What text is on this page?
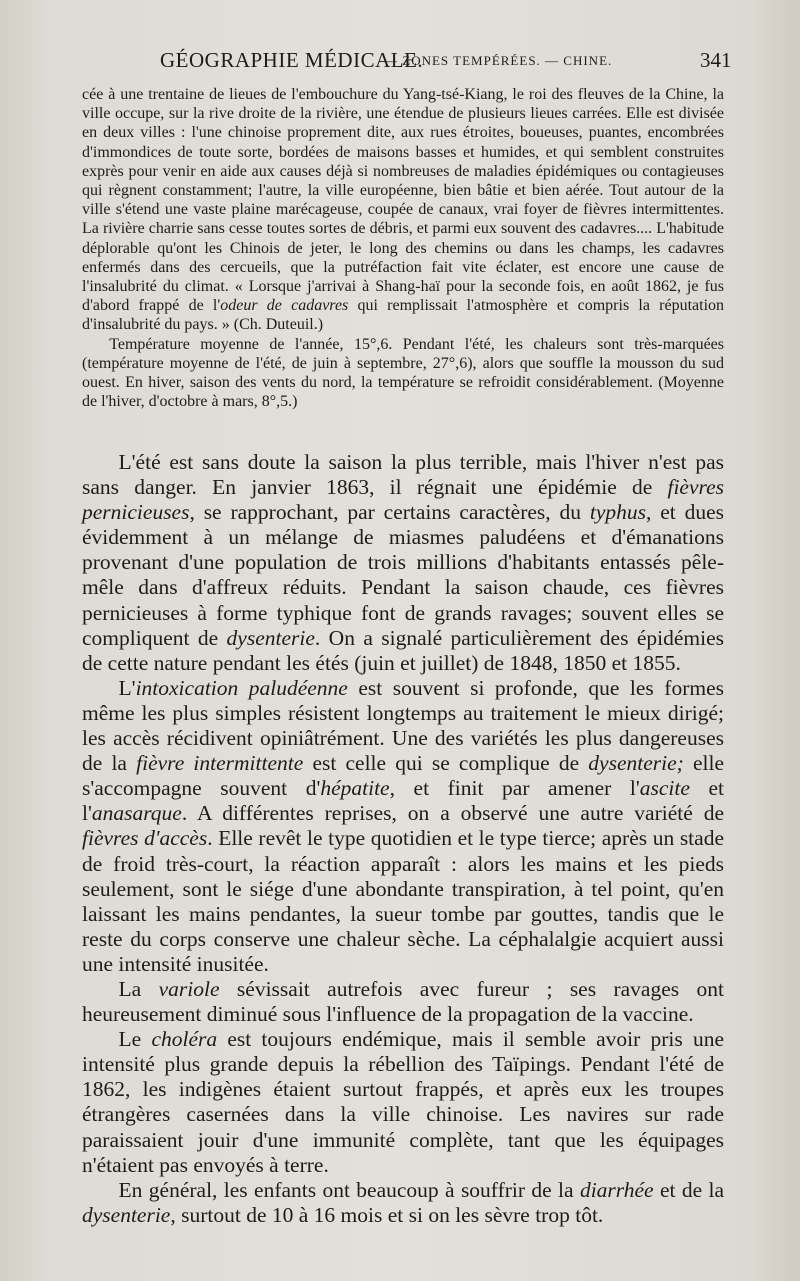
GÉOGRAPHIE MÉDICALE.
— ZONES TEMPÉRÉES. — CHINE.	341

cée à une trentaine de lieues de l'embouchure du Yang-tsé-Kiang, le roi des fleuves de la Chine, la ville occupe, sur la rive droite de la rivière, une étendue de plusieurs lieues carrées. Elle est divisée en deux villes : l'une chinoise proprement dite, aux rues étroites, boueuses, puantes, encombrées d'immondices de toute sorte, bordées de maisons basses et humides, et qui semblent construites exprès pour venir en aide aux causes déjà si nombreuses de maladies épidémiques ou contagieuses qui règnent constamment; l'autre, la ville européenne, bien bâtie et bien aérée. Tout autour de la ville s'étend une vaste plaine marécageuse, coupée de canaux, vrai foyer de fièvres intermittentes. La rivière charrie sans cesse toutes sortes de débris, et parmi eux souvent des cadavres.... L'habitude déplorable qu'ont les Chinois de jeter, le long des chemins ou dans les champs, les cadavres enfermés dans des cercueils, que la putréfaction fait vite éclater, est encore une cause de l'insalubrité du climat. « Lorsque j'arrivai à Shang-haï pour la seconde fois, en août 1862, je fus d'abord frappé de l'odeur de cadavres qui remplissait l'atmosphère et compris la réputation d'insalubrité du pays. » (Ch. Duteuil.)

Température moyenne de l'année, 15°,6. Pendant l'été, les chaleurs sont très-marquées (température moyenne de l'été, de juin à septembre, 27°,6), alors que souffle la mousson du sud ouest. En hiver, saison des vents du nord, la température se refroidit considérablement. (Moyenne de l'hiver, d'octobre à mars, 8°,5.)

L'été est sans doute la saison la plus terrible, mais l'hiver n'est pas sans danger. En janvier 1863, il régnait une épidémie de fièvres pernicieuses, se rapprochant, par certains caractères, du typhus, et dues évidemment à un mélange de miasmes paludéens et d'émanations provenant d'une population de trois millions d'habitants entassés pêle-mêle dans d'affreux réduits. Pendant la saison chaude, ces fièvres pernicieuses à forme typhique font de grands ravages; souvent elles se compliquent de dysenterie. On a signalé particulièrement des épidémies de cette nature pendant les étés (juin et juillet) de 1848, 1850 et 1855.

L'intoxication paludéenne est souvent si profonde, que les formes même les plus simples résistent longtemps au traitement le mieux dirigé; les accès récidivent opiniâtrément. Une des variétés les plus dangereuses de la fièvre intermittente est celle qui se complique de dysenterie; elle s'accompagne souvent d'hépatite, et finit par amener l'ascite et l'anasarque. A différentes reprises, on a observé une autre variété de fièvres d'accès. Elle revêt le type quotidien et le type tierce; après un stade de froid très-court, la réaction apparaît : alors les mains et les pieds seulement, sont le siége d'une abondante transpiration, à tel point, qu'en laissant les mains pendantes, la sueur tombe par gouttes, tandis que le reste du corps conserve une chaleur sèche. La céphalalgie acquiert aussi une intensité inusitée.

La variole sévissait autrefois avec fureur ; ses ravages ont heureusement diminué sous l'influence de la propagation de la vaccine.

Le choléra est toujours endémique, mais il semble avoir pris une intensité plus grande depuis la rébellion des Taïpings. Pendant l'été de 1862, les indigènes étaient surtout frappés, et après eux les troupes étrangères casernées dans la ville chinoise. Les navires sur rade paraissaient jouir d'une immunité complète, tant que les équipages n'étaient pas envoyés à terre.

En général, les enfants ont beaucoup à souffrir de la diarrhée et de la dysenterie, surtout de 10 à 16 mois et si on les sèvre trop tôt.
